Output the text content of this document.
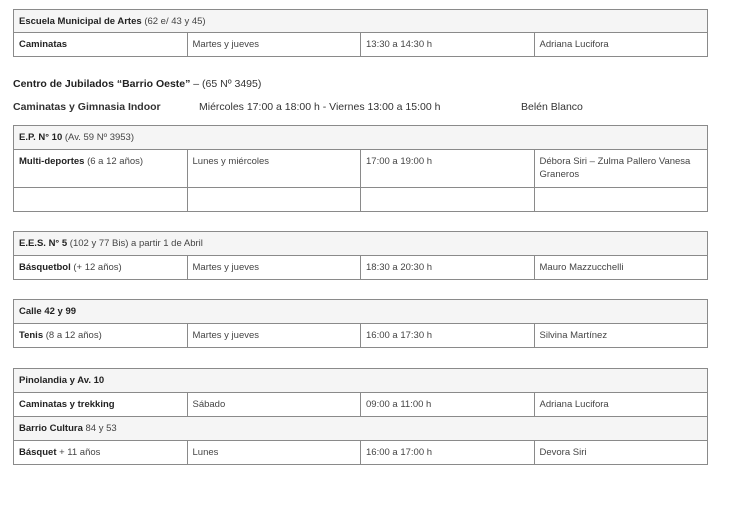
Escuela Municipal de Artes (62 e/ 43 y 45)
Caminatas	Martes y jueves	13:30 a 14:30 h	Adriana Lucifora
Centro de Jubilados “Barrio Oeste” – (65 Nº 3495)
Caminatas y Gimnasia Indoor	Miércoles 17:00 a 18:00 h - Viernes 13:00 a 15:00 h	Belén Blanco
E.P. N° 10 (Av. 59 Nº 3953)			
Multi-deportes (6 a 12 años)	Lunes y miércoles	17:00 a 19:00 h	Débora Siri – Zulma Pallero Vanesa Graneros

E.E.S. N° 5 (102 y 77 Bis) a partir 1 de Abril
Básquetbol (+ 12 años)	Martes y jueves	18:30 a 20:30 h	Mauro Mazzucchelli
Calle 42 y 99
Tenis (8 a 12 años)	Martes y jueves	16:00 a 17:30 h	Silvina Martínez
Pinolandia y Av. 10			
Caminatas y trekking	Sábado	09:00 a 11:00 h	Adriana Lucifora
Barrio Cultura 84 y 53			
Básquet + 11 años	Lunes	16:00 a 17:00 h	Devora Siri
